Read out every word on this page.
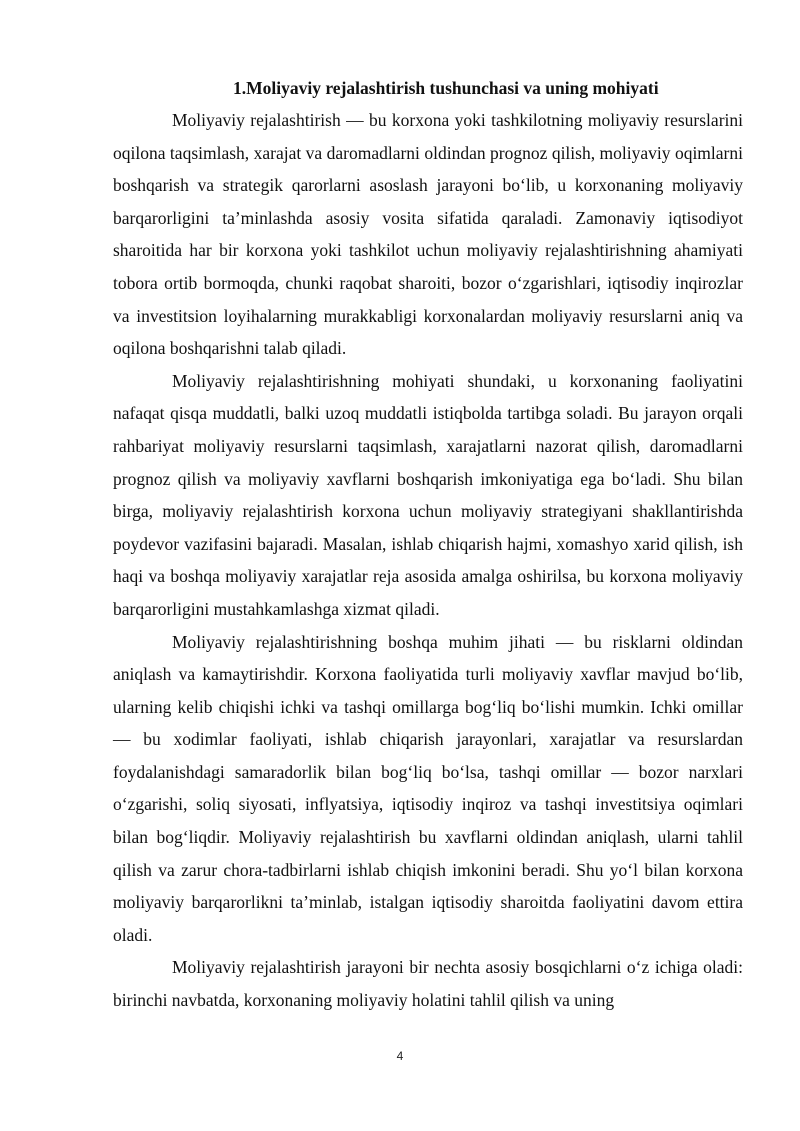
1.Moliyaviy rejalashtirish tushunchasi va uning mohiyati

Moliyaviy rejalashtirish — bu korxona yoki tashkilotning moliyaviy resurslarini oqilona taqsimlash, xarajat va daromadlarni oldindan prognoz qilish, moliyaviy oqimlarni boshqarish va strategik qarorlarni asoslash jarayoni bo‘lib, u korxonaning moliyaviy barqarorligini ta’minlashda asosiy vosita sifatida qaraladi. Zamonaviy iqtisodiyot sharoitida har bir korxona yoki tashkilot uchun moliyaviy rejalashtirishning ahamiyati tobora ortib bormoqda, chunki raqobat sharoiti, bozor o‘zgarishlari, iqtisodiy inqirozlar va investitsion loyihalarning murakkabligi korxonalardan moliyaviy resurslarni aniq va oqilona boshqarishni talab qiladi.

Moliyaviy rejalashtirishning mohiyati shundaki, u korxonaning faoliyatini nafaqat qisqa muddatli, balki uzoq muddatli istiqbolda tartibga soladi. Bu jarayon orqali rahbariyat moliyaviy resurslarni taqsimlash, xarajatlarni nazorat qilish, daromadlarni prognoz qilish va moliyaviy xavflarni boshqarish imkoniyatiga ega bo‘ladi. Shu bilan birga, moliyaviy rejalashtirish korxona uchun moliyaviy strategiyani shakllantirishda poydevor vazifasini bajaradi. Masalan, ishlab chiqarish hajmi, xomashyo xarid qilish, ish haqi va boshqa moliyaviy xarajatlar reja asosida amalga oshirilsa, bu korxona moliyaviy barqarorligini mustahkamlashga xizmat qiladi.

Moliyaviy rejalashtirishning boshqa muhim jihati — bu risklarni oldindan aniqlash va kamaytirishdir. Korxona faoliyatida turli moliyaviy xavflar mavjud bo‘lib, ularning kelib chiqishi ichki va tashqi omillarga bog‘liq bo‘lishi mumkin. Ichki omillar — bu xodimlar faoliyati, ishlab chiqarish jarayonlari, xarajatlar va resurslardan foydalanishdagi samaradorlik bilan bog‘liq bo‘lsa, tashqi omillar — bozor narxlari o‘zgarishi, soliq siyosati, inflyatsiya, iqtisodiy inqiroz va tashqi investitsiya oqimlari bilan bog‘liqdir. Moliyaviy rejalashtirish bu xavflarni oldindan aniqlash, ularni tahlil qilish va zarur chora-tadbirlarni ishlab chiqish imkonini beradi. Shu yo‘l bilan korxona moliyaviy barqarorlikni ta’minlab, istalgan iqtisodiy sharoitda faoliyatini davom ettira oladi.

Moliyaviy rejalashtirish jarayoni bir nechta asosiy bosqichlarni o‘z ichiga oladi: birinchi navbatda, korxonaning moliyaviy holatini tahlil qilish va uning

4
